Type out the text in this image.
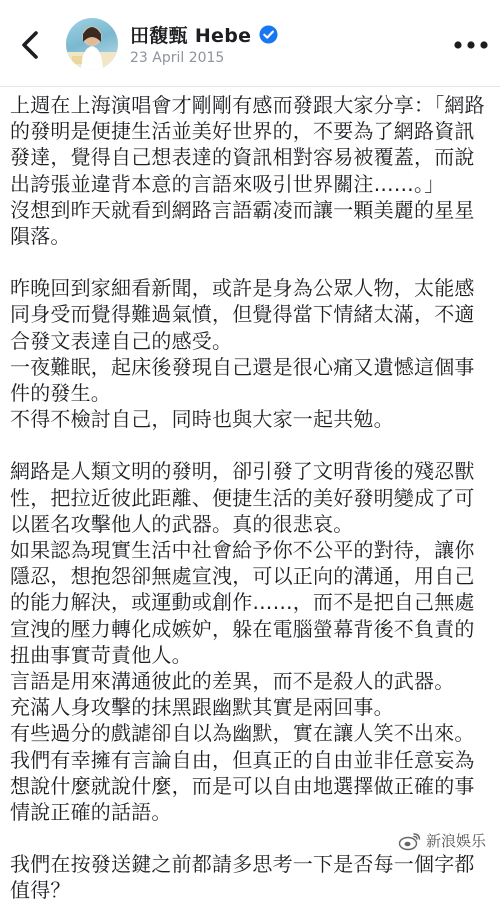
田馥甄 Hebe
23 April 2015

上週在上海演唱會才剛剛有感而發跟大家分享：「網路的發明是便捷生活並美好世界的，不要為了網路資訊發達，覺得自己想表達的資訊相對容易被覆蓋，而說出誇張並違背本意的言語來吸引世界關注……。」

沒想到昨天就看到網路言語霸凌而讓一顆美麗的星星隕落。

昨晚回到家細看新聞，或許是身為公眾人物，太能感同身受而覺得難過氣憤，但覺得當下情緒太滿，不適合發文表達自己的感受。

一夜難眠，起床後發現自己還是很心痛又遺憾這個事件的發生。

不得不檢討自己，同時也與大家一起共勉。

網路是人類文明的發明，卻引發了文明背後的殘忍獸性，把拉近彼此距離、便捷生活的美好發明變成了可以匿名攻擊他人的武器。真的很悲哀。

如果認為現實生活中社會給予你不公平的對待，讓你隱忍，想抱怨卻無處宣洩，可以正向的溝通，用自己的能力解決，或運動或創作……，而不是把自己無處宣洩的壓力轉化成嫉妒，躲在電腦螢幕背後不負責的扭曲事實苛責他人。

言語是用來溝通彼此的差異，而不是殺人的武器。

充滿人身攻擊的抹黑跟幽默其實是兩回事。

有些過分的戲謔卻自以為幽默，實在讓人笑不出來。

我們有幸擁有言論自由，但真正的自由並非任意妄為想說什麼就說什麼，而是可以自由地選擇做正確的事情說正確的話語。

我們在按發送鍵之前都請多思考一下是否每一個字都值得？

新浪娛乐
